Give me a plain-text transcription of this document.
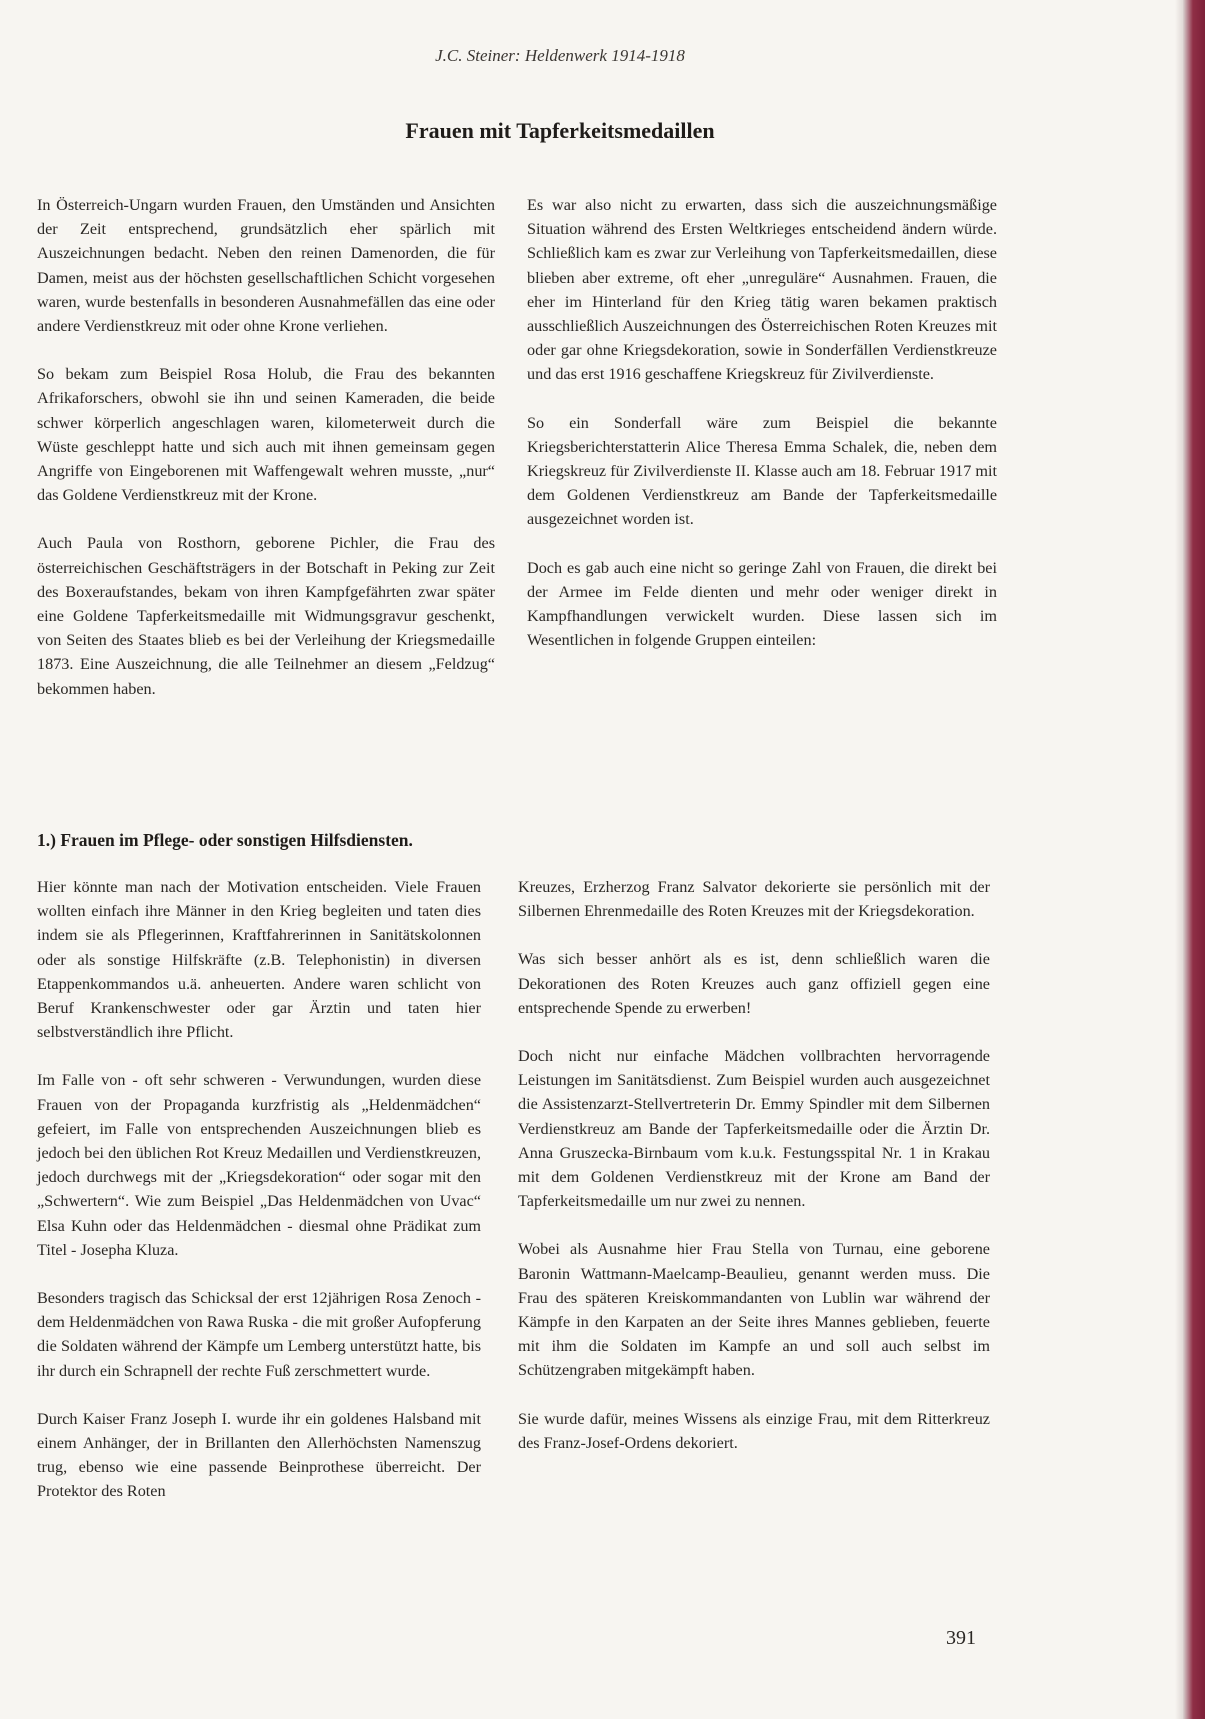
J.C. Steiner: Heldenwerk 1914-1918
Frauen mit Tapferkeitsmedaillen

In Österreich-Ungarn wurden Frauen, den Umständen und Ansichten der Zeit entsprechend, grundsätzlich eher spärlich mit Auszeichnungen bedacht. Neben den reinen Damenorden, die für Damen, meist aus der höchsten gesellschaftlichen Schicht vorgesehen waren, wurde bestenfalls in besonderen Ausnahmefällen das eine oder andere Verdienstkreuz mit oder ohne Krone verliehen.

So bekam zum Beispiel Rosa Holub, die Frau des bekannten Afrikaforschers, obwohl sie ihn und seinen Kameraden, die beide schwer körperlich angeschlagen waren, kilometerweit durch die Wüste geschleppt hatte und sich auch mit ihnen gemeinsam gegen Angriffe von Eingeborenen mit Waffengewalt wehren musste, „nur“ das Goldene Verdienstkreuz mit der Krone.

Auch Paula von Rosthorn, geborene Pichler, die Frau des österreichischen Geschäftsträgers in der Botschaft in Peking zur Zeit des Boxeraufstandes, bekam von ihren Kampfgefährten zwar später eine Goldene Tapferkeitsmedaille mit Widmungsgravur geschenkt, von Seiten des Staates blieb es bei der Verleihung der Kriegsmedaille 1873. Eine Auszeichnung, die alle Teilnehmer an diesem „Feldzug“ bekommen haben.

Es war also nicht zu erwarten, dass sich die auszeichnungsmäßige Situation während des Ersten Weltkrieges entscheidend ändern würde. Schließlich kam es zwar zur Verleihung von Tapferkeitsmedaillen, diese blieben aber extreme, oft eher „unreguläre“ Ausnahmen. Frauen, die eher im Hinterland für den Krieg tätig waren bekamen praktisch ausschließlich Auszeichnungen des Österreichischen Roten Kreuzes mit oder gar ohne Kriegsdekoration, sowie in Sonderfällen Verdienstkreuze und das erst 1916 geschaffene Kriegskreuz für Zivilverdienste.

So ein Sonderfall wäre zum Beispiel die bekannte Kriegsberichterstatterin Alice Theresa Emma Schalek, die, neben dem Kriegskreuz für Zivilverdienste II. Klasse auch am 18. Februar 1917 mit dem Goldenen Verdienstkreuz am Bande der Tapferkeitsmedaille ausgezeichnet worden ist.

Doch es gab auch eine nicht so geringe Zahl von Frauen, die direkt bei der Armee im Felde dienten und mehr oder weniger direkt in Kampfhandlungen verwickelt wurden. Diese lassen sich im Wesentlichen in folgende Gruppen einteilen:

1.) Frauen im Pflege- oder sonstigen Hilfsdiensten.

Hier könnte man nach der Motivation entscheiden. Viele Frauen wollten einfach ihre Männer in den Krieg begleiten und taten dies indem sie als Pflegerinnen, Kraftfahrerinnen in Sanitätskolonnen oder als sonstige Hilfskräfte (z.B. Telephonistin) in diversen Etappenkommandos u.ä. anheuerten. Andere waren schlicht von Beruf Krankenschwester oder gar Ärztin und taten hier selbstverständlich ihre Pflicht.

Im Falle von - oft sehr schweren - Verwundungen, wurden diese Frauen von der Propaganda kurzfristig als „Heldenmädchen“ gefeiert, im Falle von entsprechenden Auszeichnungen blieb es jedoch bei den üblichen Rot Kreuz Medaillen und Verdienstkreuzen, jedoch durchwegs mit der „Kriegsdekoration“ oder sogar mit den „Schwertern“. Wie zum Beispiel „Das Heldenmädchen von Uvac“ Elsa Kuhn oder das Heldenmädchen - diesmal ohne Prädikat zum Titel - Josepha Kluza.

Besonders tragisch das Schicksal der erst 12jährigen Rosa Zenoch - dem Heldenmädchen von Rawa Ruska - die mit großer Aufopferung die Soldaten während der Kämpfe um Lemberg unterstützt hatte, bis ihr durch ein Schrapnell der rechte Fuß zerschmettert wurde.

Durch Kaiser Franz Joseph I. wurde ihr ein goldenes Halsband mit einem Anhänger, der in Brillanten den Allerhöchsten Namenszug trug, ebenso wie eine passende Beinprothese überreicht. Der Protektor des Roten

Kreuzes, Erzherzog Franz Salvator dekorierte sie persönlich mit der Silbernen Ehrenmedaille des Roten Kreuzes mit der Kriegsdekoration.

Was sich besser anhört als es ist, denn schließlich waren die Dekorationen des Roten Kreuzes auch ganz offiziell gegen eine entsprechende Spende zu erwerben!

Doch nicht nur einfache Mädchen vollbrachten hervorragende Leistungen im Sanitätsdienst. Zum Beispiel wurden auch ausgezeichnet die Assistenzarzt-Stellvertreterin Dr. Emmy Spindler mit dem Silbernen Verdienstkreuz am Bande der Tapferkeitsmedaille oder die Ärztin Dr. Anna Gruszecka-Birnbaum vom k.u.k. Festungsspital Nr. 1 in Krakau mit dem Goldenen Verdienstkreuz mit der Krone am Band der Tapferkeitsmedaille um nur zwei zu nennen.

Wobei als Ausnahme hier Frau Stella von Turnau, eine geborene Baronin Wattmann-Maelcamp-Beaulieu, genannt werden muss. Die Frau des späteren Kreiskommandanten von Lublin war während der Kämpfe in den Karpaten an der Seite ihres Mannes geblieben, feuerte mit ihm die Soldaten im Kampfe an und soll auch selbst im Schützengraben mitgekämpft haben.

Sie wurde dafür, meines Wissens als einzige Frau, mit dem Ritterkreuz des Franz-Josef-Ordens dekoriert.

391
